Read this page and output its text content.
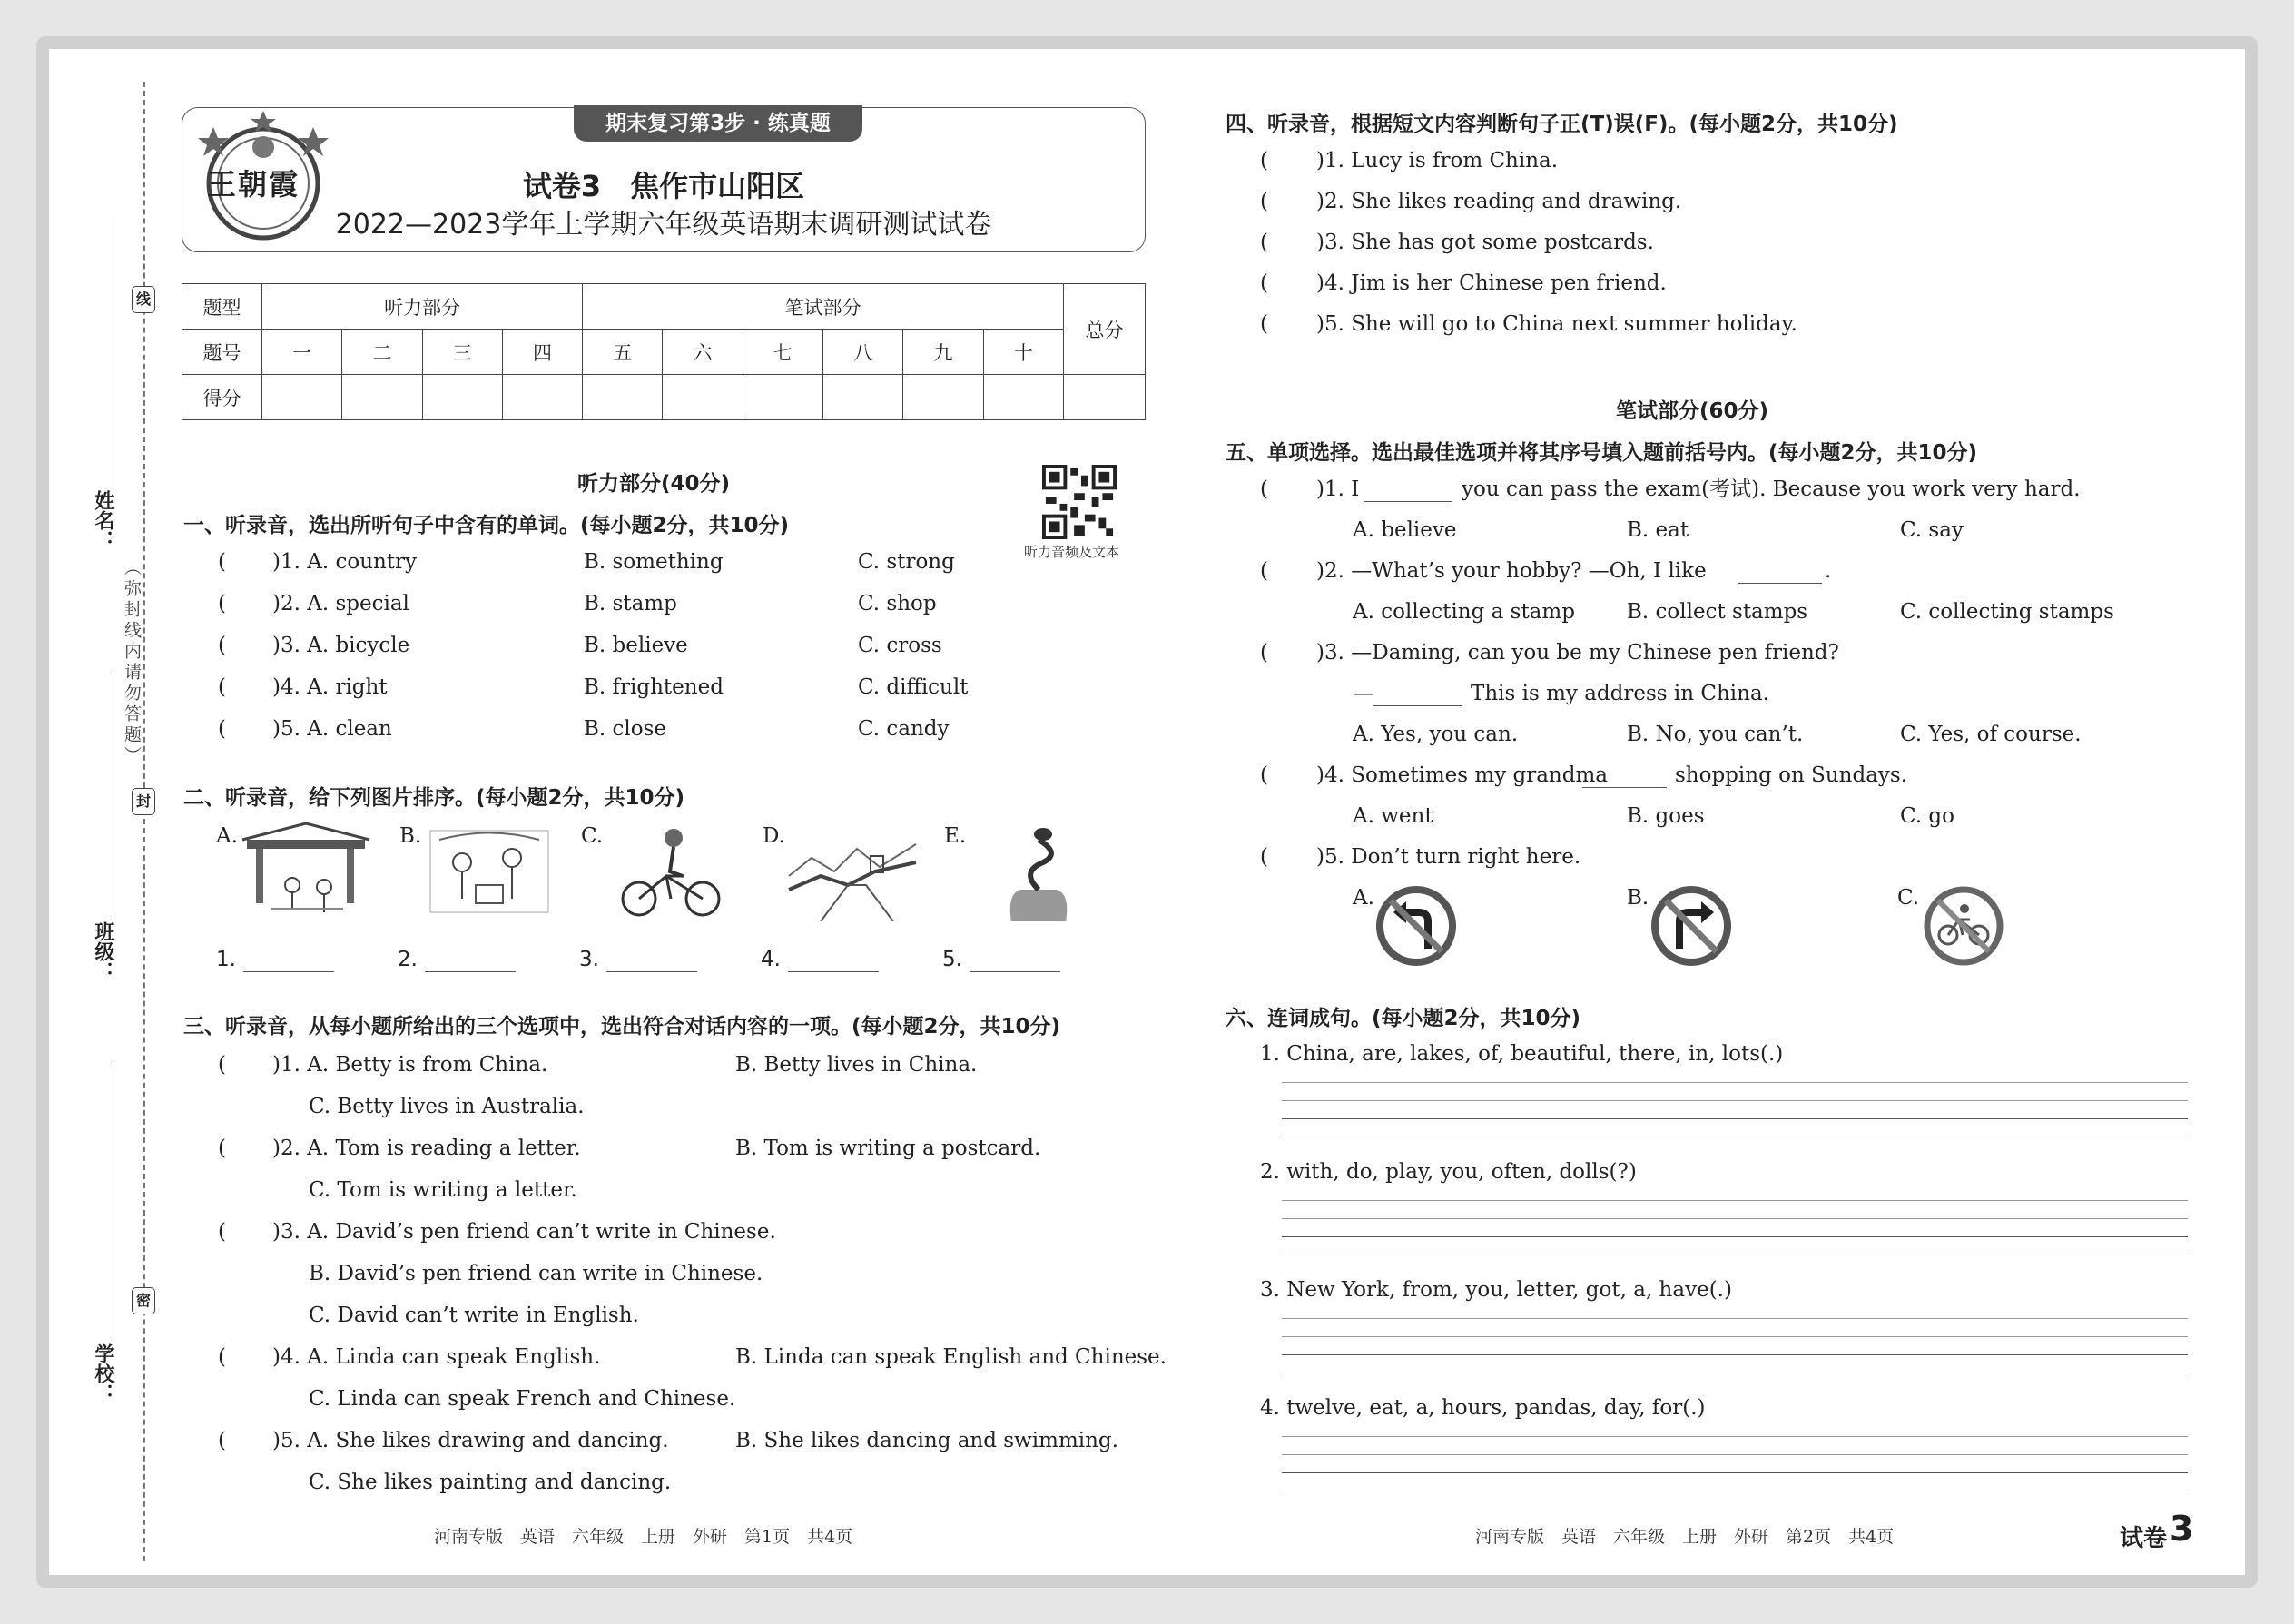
线
封
密
（弥封线内请勿答题）
姓名：
班级：
学校：
期末复习第3步 · 练真题
王朝霞	试卷3　焦作市山阳区
2022—2023学年上学期六年级英语期末调研测试试卷
题型	听力部分				笔试部分						总分
题号	一	二	三	四	五	六	七	八	九	十	
得分											
听力音频及文本
听力部分(40分)
一、听录音，选出所听句子中含有的单词。(每小题2分，共10分)
( )1. A. country	B. something	C. strong
( )2. A. special	B. stamp	C. shop
( )3. A. bicycle	B. believe	C. cross
( )4. A. right	B. frightened	C. difficult
( )5. A. clean	B. close	C. candy
二、听录音，给下列图片排序。(每小题2分，共10分)
A.	B.	C.	D.	E.
1.	2.	3.	4.	5.
三、听录音，从每小题所给出的三个选项中，选出符合对话内容的一项。(每小题2分，共10分)
( )1. A. Betty is from China.	B. Betty lives in China.
C. Betty lives in Australia.
( )2. A. Tom is reading a letter.	B. Tom is writing a postcard.
C. Tom is writing a letter.
( )3. A. David’s pen friend can’t write in Chinese.
B. David’s pen friend can write in Chinese.
C. David can’t write in English.
( )4. A. Linda can speak English.	B. Linda can speak English and Chinese.
C. Linda can speak French and Chinese.
( )5. A. She likes drawing and dancing.	B. She likes dancing and swimming.
C. She likes painting and dancing.
河南专版　英语　六年级　上册　外研　第1页　共4页
四、听录音，根据短文内容判断句子正(T)误(F)。(每小题2分，共10分)
( )1. Lucy is from China.
( )2. She likes reading and drawing.
( )3. She has got some postcards.
( )4. Jim is her Chinese pen friend.
( )5. She will go to China next summer holiday.
笔试部分(60分)
五、单项选择。选出最佳选项并将其序号填入题前括号内。(每小题2分，共10分)
( )1. I	you can pass the exam(考试). Because you work very hard.
A. believe	B. eat	C. say
( )2. —What’s your hobby? —Oh, I like	.
A. collecting a stamp B. collect stamps	C. collecting stamps
( )3. —Daming, can you be my Chinese pen friend?
—	This is my address in China.
A. Yes, you can.	B. No, you can’t.	C. Yes, of course.
( )4. Sometimes my grandma	shopping on Sundays.
A. went	B. goes	C. go
( )5. Don’t turn right here.
A.	B.	C.
六、连词成句。(每小题2分，共10分)
1. China, are, lakes, of, beautiful, there, in, lots(.)
2. with, do, play, you, often, dolls(?)
3. New York, from, you, letter, got, a, have(.)
4. twelve, eat, a, hours, pandas, day, for(.)
河南专版　英语　六年级　上册　外研　第2页　共4页	试卷 3
